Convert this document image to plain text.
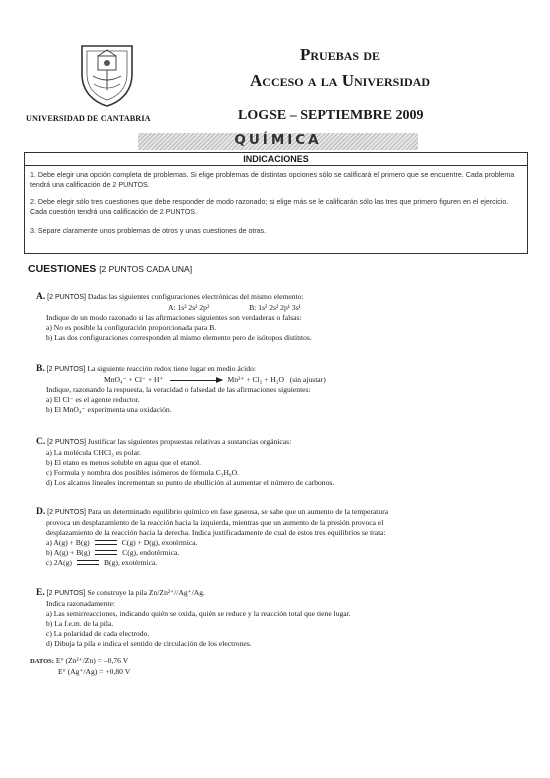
UNIVERSIDAD DE CANTABRIA
Pruebas de
Acceso a la Universidad
LOGSE – SEPTIEMBRE 2009
QUÍMICA
INDICACIONES
1. Debe elegir una opción completa de problemas. Si elige problemas de distintas opciones sólo se calificará el primero que se encuentre. Cada problema tendrá una calificación de 2 PUNTOS.
2. Debe elegir sólo tres cuestiones que debe responder de modo razonado; si elige más se le calificarán sólo las tres que primero figuren en el ejercicio. Cada cuestión tendrá una calificación de 2 PUNTOS.
3. Separe claramente unos problemas de otros y unas cuestiones de otras.
CUESTIONES [2 PUNTOS CADA UNA]
A. [2 PUNTOS] Dadas las siguientes configuraciones electrónicas del mismo elemento:
A: 1s² 2s² 2p²	B: 1s² 2s² 2p¹ 3s¹
Indique de un modo razonado si las afirmaciones siguientes son verdaderas o falsas:
a) No es posible la configuración proporcionada para B.
b) Las dos configuraciones corresponden al mismo elemento pero de isótopos distintos.
B. [2 PUNTOS] La siguiente reacción redox tiene lugar en medio ácido:
MnO₄⁻ + Cl⁻ + H⁺	Mn²⁺ + Cl₂ + H₂O (sin ajustar)
Indique, razonando la respuesta, la veracidad o falsedad de las afirmaciones siguientes:
a) El Cl⁻ es el agente reductor.
b) El MnO₄⁻ experimenta una oxidación.
C. [2 PUNTOS] Justificar las siguientes propuestas relativas a sustancias orgánicas:
a) La molécula CHCl₃ es polar.
b) El etano es menos soluble en agua que el etanol.
c) Formula y nombra dos posibles isómeros de fórmula C₃H₈O.
d) Los alcanos lineales incrementan su punto de ebullición al aumentar el número de carbonos.
D. [2 PUNTOS] Para un determinado equilibrio químico en fase gaseosa, se sabe que un aumento de la temperatura
provoca un desplazamiento de la reacción hacia la izquierda, mientras que un aumento de la presión provoca el
desplazamiento de la reacción hacia la derecha. Indica justificadamente de cual de estos tres equilibrios se trata:
a) A(g) + B(g)	C(g) + D(g), exotérmica.
b) A(g) + B(g)	C(g), endotérmica.
c) 2A(g)	B(g), exotérmica.
E. [2 PUNTOS] Se construye la pila Zn/Zn²⁺//Ag⁺/Ag.
Indica razonadamente:
a) Las semirreacciones, indicando quién se oxida, quién se reduce y la reacción total que tiene lugar.
b) La f.e.m. de la pila.
c) La polaridad de cada electrodo.
d) Dibuja la pila e indica el sentido de circulación de los electrones.
DATOS: E° (Zn²⁺/Zn) = –0,76 V
E° (Ag⁺/Ag) = +0,80 V
